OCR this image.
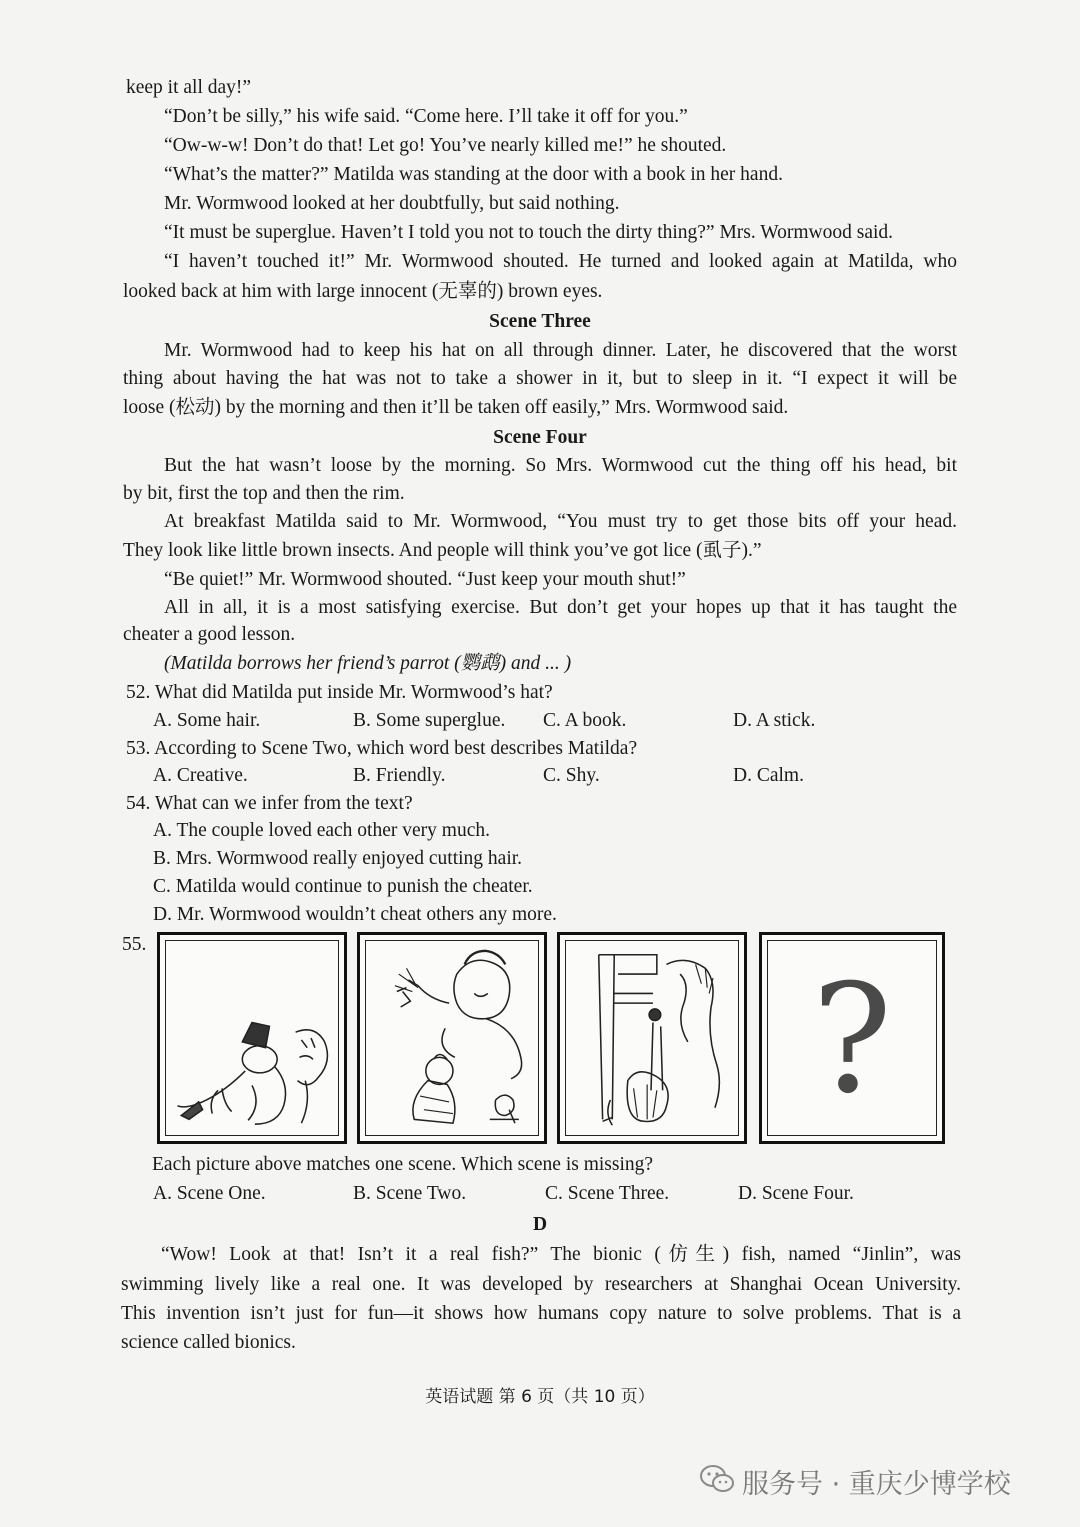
keep it all day!”
“Don’t be silly,” his wife said. “Come here. I’ll take it off for you.”
“Ow-w-w! Don’t do that! Let go! You’ve nearly killed me!” he shouted.
“What’s the matter?” Matilda was standing at the door with a book in her hand.
Mr. Wormwood looked at her doubtfully, but said nothing.
“It must be superglue. Haven’t I told you not to touch the dirty thing?” Mrs. Wormwood said.
“I haven’t touched it!” Mr. Wormwood shouted. He turned and looked again at Matilda, who
looked back at him with large innocent (无辜的) brown eyes.
Scene Three
Mr. Wormwood had to keep his hat on all through dinner. Later, he discovered that the worst
thing about having the hat was not to take a shower in it, but to sleep in it. “I expect it will be
loose (松动) by the morning and then it’ll be taken off easily,” Mrs. Wormwood said.
Scene Four
But the hat wasn’t loose by the morning. So Mrs. Wormwood cut the thing off his head, bit
by bit, first the top and then the rim.
At breakfast Matilda said to Mr. Wormwood, “You must try to get those bits off your head.
They look like little brown insects. And people will think you’ve got lice (虱子).”
“Be quiet!” Mr. Wormwood shouted. “Just keep your mouth shut!”
All in all, it is a most satisfying exercise. But don’t get your hopes up that it has taught the
cheater a good lesson.
(Matilda borrows her friend’s parrot (鹦鹉) and ... )
52. What did Matilda put inside Mr. Wormwood’s hat?
A. Some hair.	B. Some superglue. C. A book.	D. A stick.
53. According to Scene Two, which word best describes Matilda?
A. Creative.	B. Friendly.	C. Shy.	D. Calm.
54. What can we infer from the text?
A. The couple loved each other very much.
B. Mrs. Wormwood really enjoyed cutting hair.
C. Matilda would continue to punish the cheater.
D. Mr. Wormwood wouldn’t cheat others any more.
55.
?
Each picture above matches one scene. Which scene is missing?
A. Scene One.	B. Scene Two.	C. Scene Three.	D. Scene Four.
D
“Wow! Look at that! Isn’t it a real fish?” The bionic (仿生) fish, named “Jinlin”, was
swimming lively like a real one. It was developed by researchers at Shanghai Ocean University.
This invention isn’t just for fun—it shows how humans copy nature to solve problems. That is a
science called bionics.
英语试题 第 6 页（共 10 页）
服务号 · 重庆少博学校
